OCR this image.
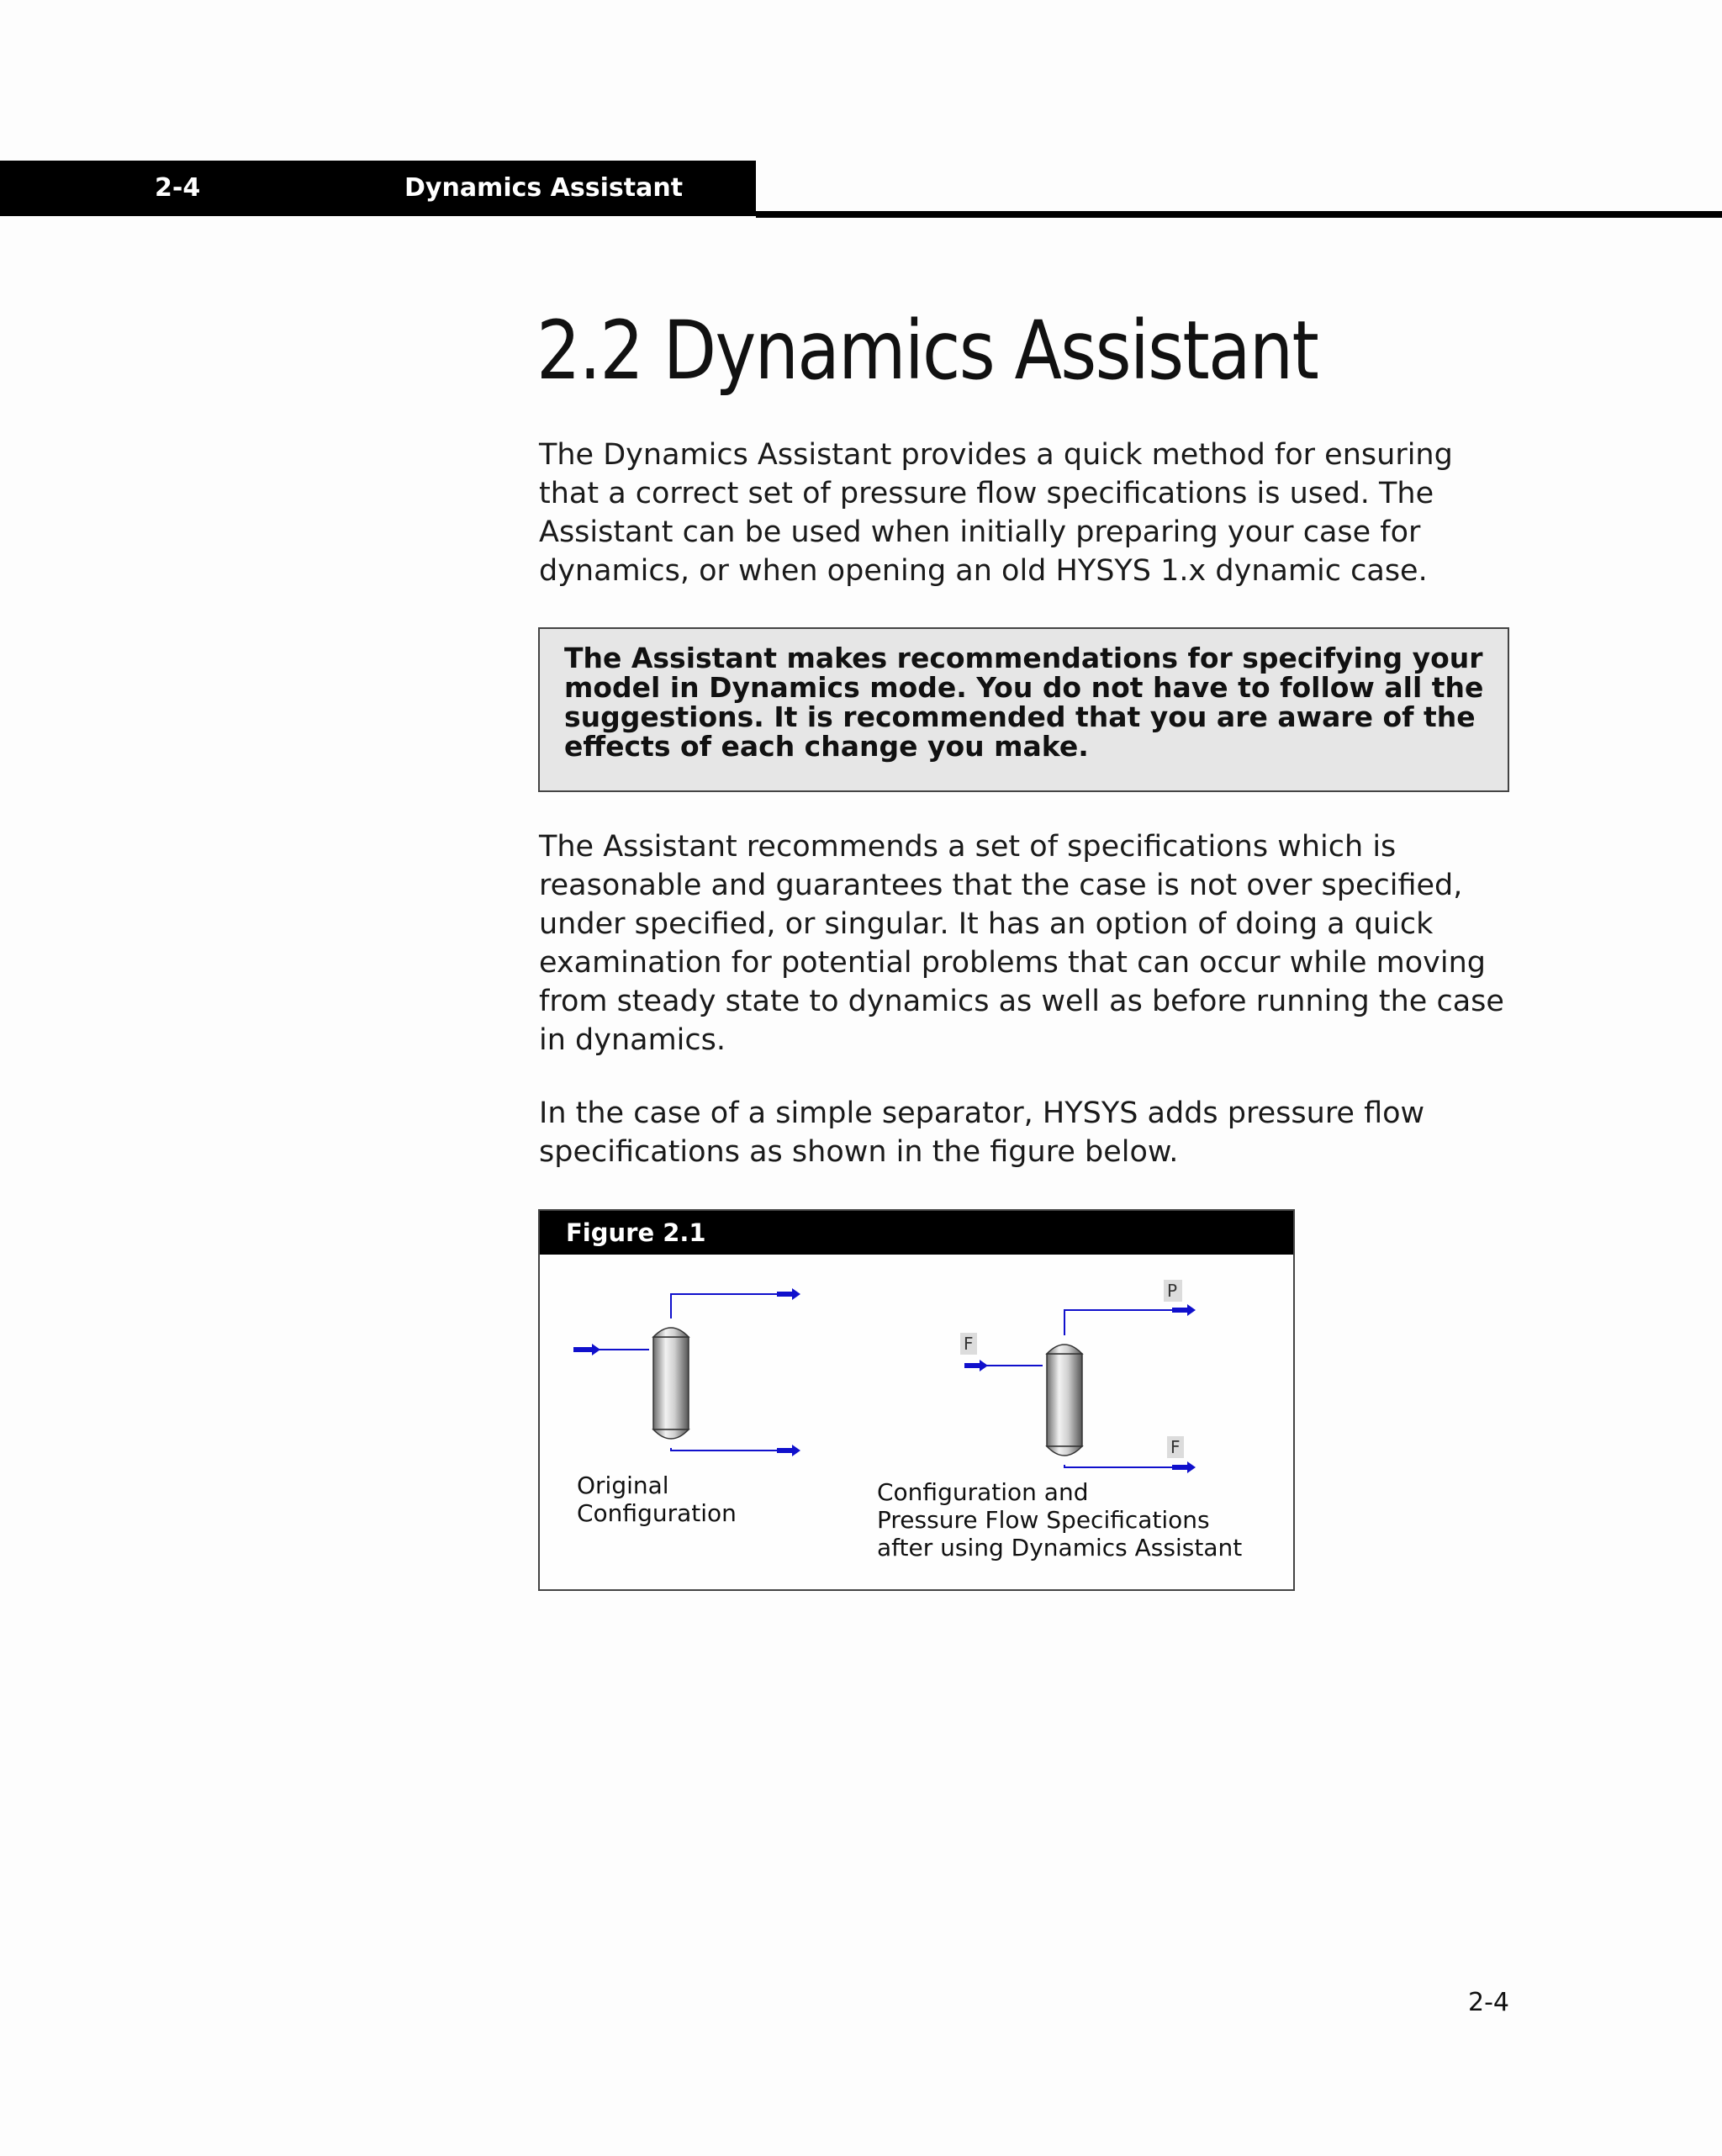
2-4	Dynamics Assistant
2.2 Dynamics Assistant

The Dynamics Assistant provides a quick method for ensuring that a correct set of pressure flow specifications is used. The Assistant can be used when initially preparing your case for dynamics, or when opening an old HYSYS 1.x dynamic case.

The Assistant makes recommendations for specifying your model in Dynamics mode. You do not have to follow all the suggestions. It is recommended that you are aware of the effects of each change you make.

The Assistant recommends a set of specifications which is reasonable and guarantees that the case is not over specified, under specified, or singular. It has an option of doing a quick examination for potential problems that can occur while moving from steady state to dynamics as well as before running the case in dynamics.

In the case of a simple separator, HYSYS adds pressure flow specifications as shown in the figure below.

Figure 2.1
F
P
F

Original Configuration

Configuration and
Pressure Flow Specifications
after using Dynamics Assistant

2-4
